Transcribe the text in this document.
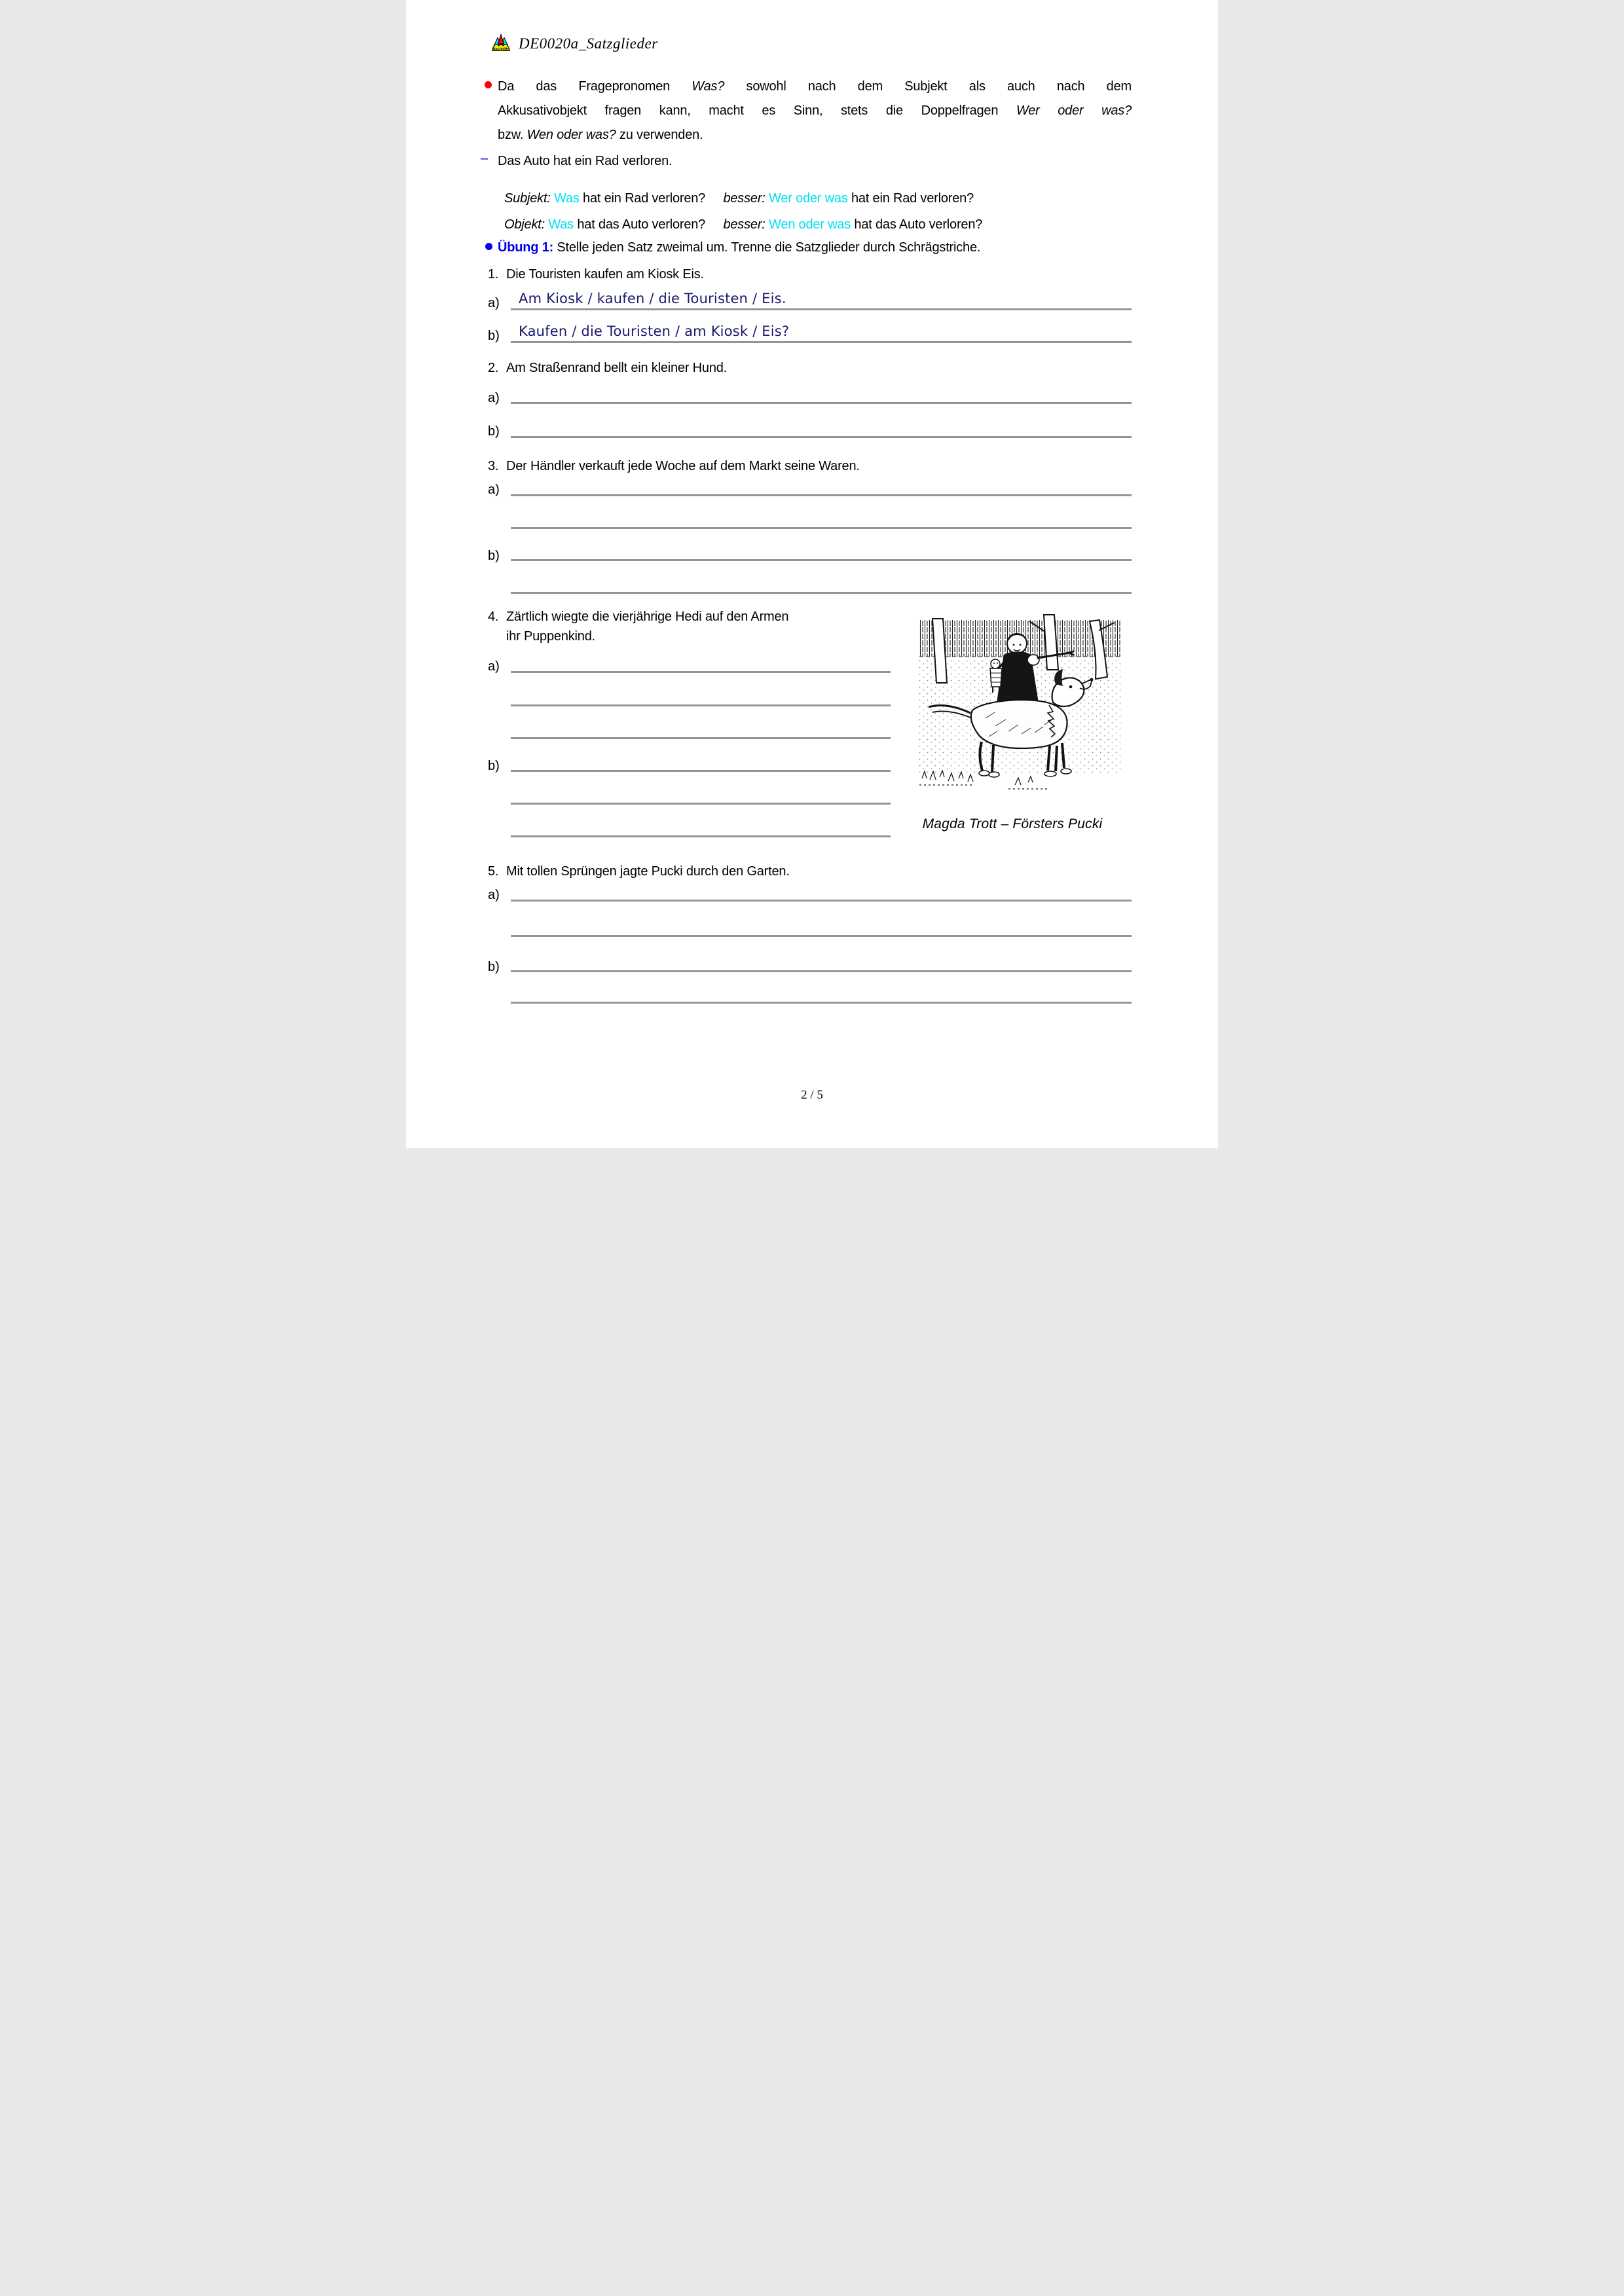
Nachhilfe DE0020a_Satzglieder
Da das Fragepronomen Was? sowohl nach dem Subjekt als auch nach dem
Akkusativobjekt fragen kann, macht es Sinn, stets die Doppelfragen Wer oder was?
bzw. Wen oder was? zu verwenden.
– Das Auto hat ein Rad verloren.
Subjekt: Was hat ein Rad verloren? besser: Wer oder was hat ein Rad verloren?
Objekt: Was hat das Auto verloren? besser: Wen oder was hat das Auto verloren?
Übung 1: Stelle jeden Satz zweimal um. Trenne die Satzglieder durch Schrägstriche.
1. Die Touristen kaufen am Kiosk Eis.
a) Am Kiosk / kaufen / die Touristen / Eis.
b) Kaufen / die Touristen / am Kiosk / Eis?
2. Am Straßenrand bellt ein kleiner Hund.
a)
b)
3. Der Händler verkauft jede Woche auf dem Markt seine Waren.
a)
b)
4. Zärtlich wiegte die vierjährige Hedi auf den Armen
ihr Puppenkind.
a)
b)
Magda Trott – Försters Pucki
5. Mit tollen Sprüngen jagte Pucki durch den Garten.
a)
b)
2 / 5
